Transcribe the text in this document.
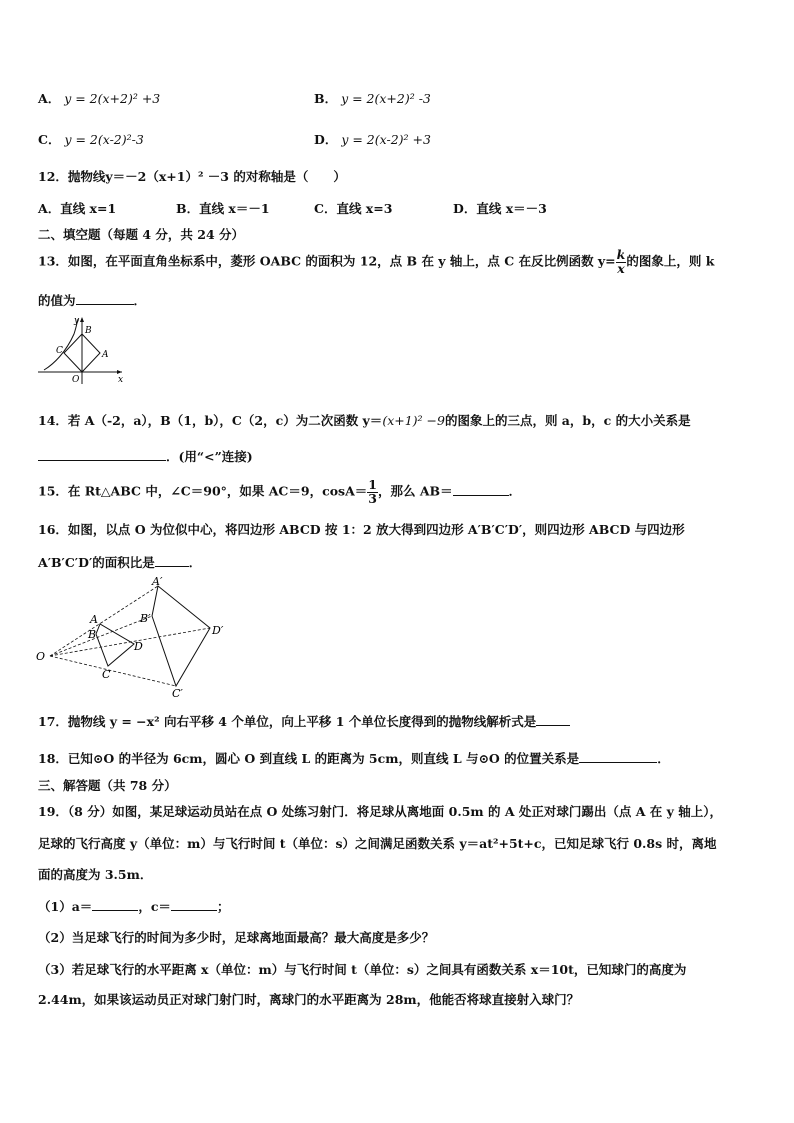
A． y = 2(x+2)² +3	B． y = 2(x+2)² -3
C． y = 2(x-2)²-3	D． y = 2(x-2)² +3
12．抛物线y＝－2（x+1）² －3 的对称轴是（　　）
A．直线 x=1	B．直线 x＝－1	C．直线 x=3	D．直线 x＝－3
二、填空题（每题 4 分，共 24 分）
13．如图，在平面直角坐标系中，菱形 OABC 的面积为 12，点 B 在 y 轴上，点 C 在反比例函数 $y= \frac{k}{x}$ 的图象上，则 k
的值为	．
y
B
C	A
O	x
14．若 A（-2，a），B（1，b），C（2，c）为二次函数 y＝(x+1)² −9的图象上的三点，则 a，b，c 的大小关系是
．(用“<”连接)
15．在 Rt△ABC 中，∠C＝90°，如果 AC＝9，$\cos A= \frac{1}{3}$ ，那么 AB＝	．
16．如图，以点 O 为位似中心，将四边形 ABCD 按 1：2 放大得到四边形 A′B′C′D′，则四边形 ABCD 与四边形
A′B′C′D′的面积比是	．
O
A
B
C
D
A′
B′
C′
D′
17．抛物线 y = −x² 向右平移 4 个单位，向上平移 1 个单位长度得到的抛物线解析式是
18．已知⊙O 的半径为 6cm，圆心 O 到直线 L 的距离为 5cm，则直线 L 与⊙O 的位置关系是	．
三、解答题（共 78 分）
19．（8 分）如图，某足球运动员站在点 O 处练习射门．将足球从离地面 0.5m 的 A 处正对球门踢出（点 A 在 y 轴上），
足球的飞行高度 y（单位：m）与飞行时间 t（单位：s）之间满足函数关系 y＝at²+5t+c，已知足球飞行 0.8s 时，离地
面的高度为 3.5m．
（1）a＝	，c＝	；
（2）当足球飞行的时间为多少时，足球离地面最高？最大高度是多少？
（3）若足球飞行的水平距离 x（单位：m）与飞行时间 t（单位：s）之间具有函数关系 x＝10t，已知球门的高度为
2.44m，如果该运动员正对球门射门时，离球门的水平距离为 28m，他能否将球直接射入球门？
